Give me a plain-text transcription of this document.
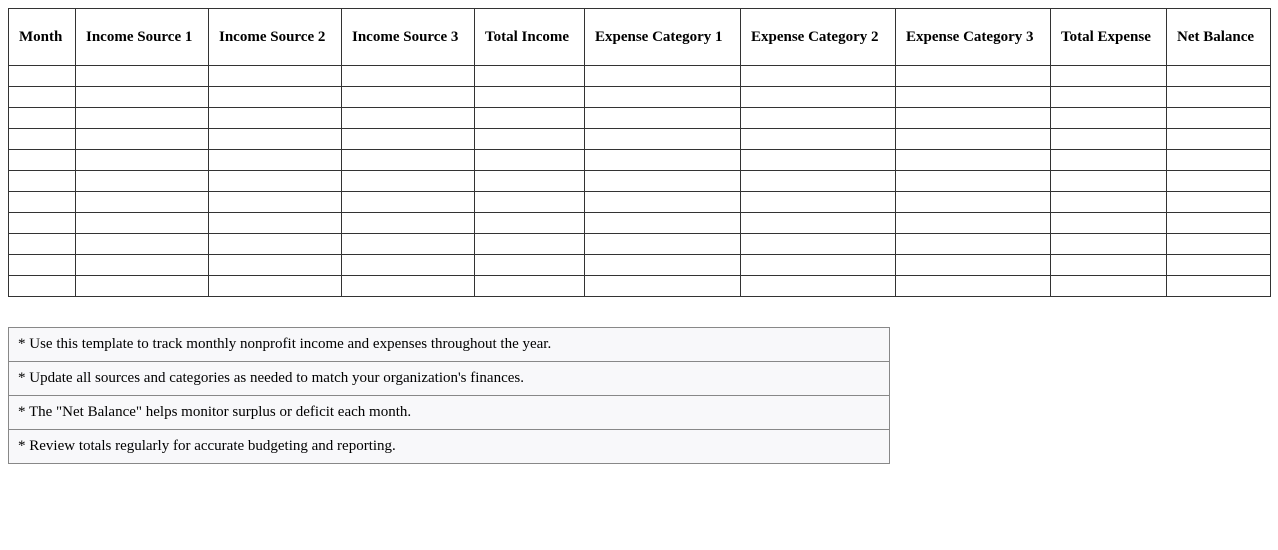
Month	Income Source 1	Income Source 2	Income Source 3	Total Income	Expense Category 1	Expense Category 2	Expense Category 3	Total Expense	Net Balance

* Use this template to track monthly nonprofit income and expenses throughout the year.
* Update all sources and categories as needed to match your organization's finances.
* The "Net Balance" helps monitor surplus or deficit each month.
* Review totals regularly for accurate budgeting and reporting.
